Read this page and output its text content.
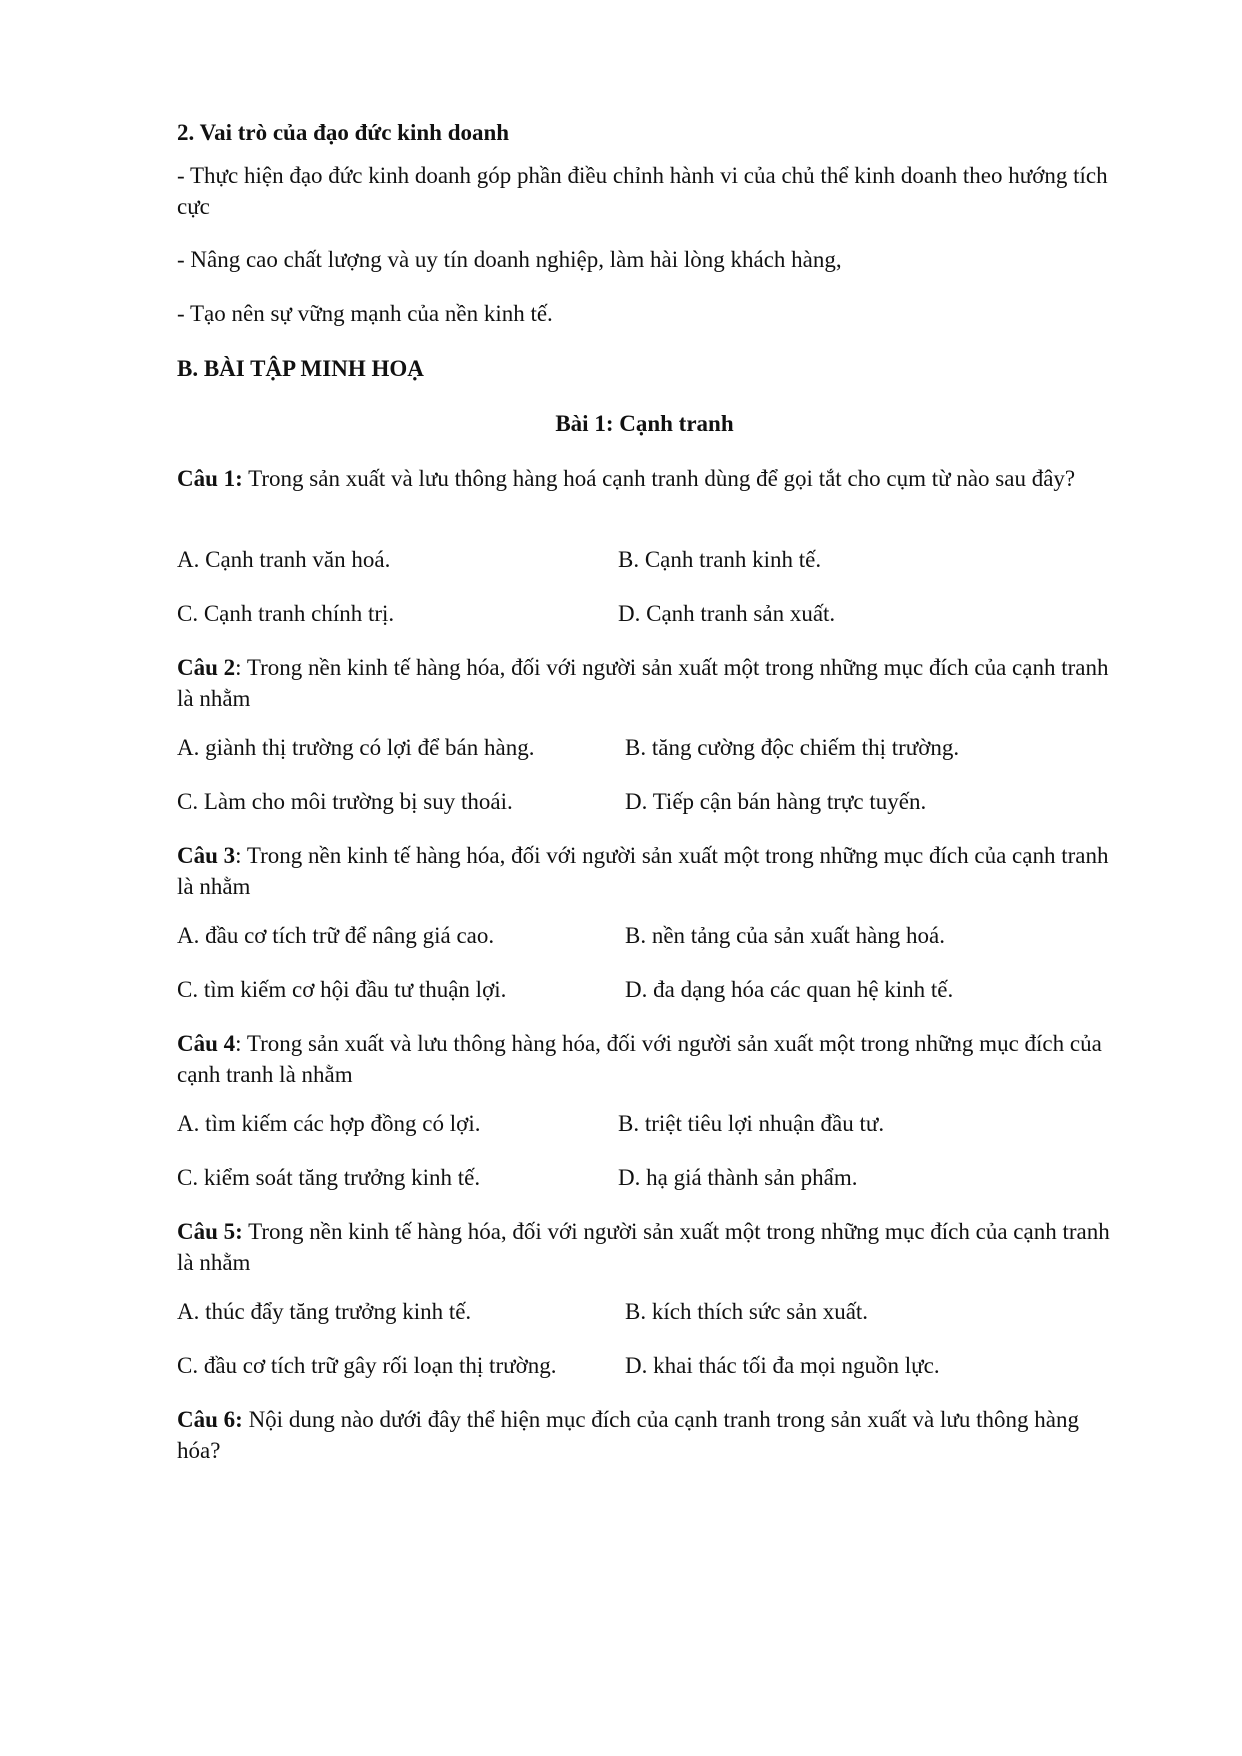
2. Vai trò của đạo đức kinh doanh

- Thực hiện đạo đức kinh doanh góp phần điều chỉnh hành vi của chủ thể kinh doanh theo hướng tích cực

- Nâng cao chất lượng và uy tín doanh nghiệp, làm hài lòng khách hàng,

- Tạo nên sự vững mạnh của nền kinh tế.

B. BÀI TẬP MINH HOẠ

Bài 1: Cạnh tranh

Câu 1: Trong sản xuất và lưu thông hàng hoá cạnh tranh dùng để gọi tắt cho cụm từ nào sau đây?

A. Cạnh tranh văn hoá.	B. Cạnh tranh kinh tế.

C. Cạnh tranh chính trị.	D. Cạnh tranh sản xuất.

Câu 2: Trong nền kinh tế hàng hóa, đối với người sản xuất một trong những mục đích của cạnh tranh là nhằm

A. giành thị trường có lợi để bán hàng.	B. tăng cường độc chiếm thị trường.

C. Làm cho môi trường bị suy thoái.	D. Tiếp cận bán hàng trực tuyến.

Câu 3: Trong nền kinh tế hàng hóa, đối với người sản xuất một trong những mục đích của cạnh tranh là nhằm

A. đầu cơ tích trữ để nâng giá cao.	B. nền tảng của sản xuất hàng hoá.

C. tìm kiếm cơ hội đầu tư thuận lợi.	D. đa dạng hóa các quan hệ kinh tế.

Câu 4: Trong sản xuất và lưu thông hàng hóa, đối với người sản xuất một trong những mục đích của cạnh tranh là nhằm

A. tìm kiếm các hợp đồng có lợi.	B. triệt tiêu lợi nhuận đầu tư.

C. kiểm soát tăng trưởng kinh tế.	D. hạ giá thành sản phẩm.

Câu 5: Trong nền kinh tế hàng hóa, đối với người sản xuất một trong những mục đích của cạnh tranh là nhằm

A. thúc đẩy tăng trưởng kinh tế.	B. kích thích sức sản xuất.

C. đầu cơ tích trữ gây rối loạn thị trường.	D. khai thác tối đa mọi nguồn lực.

Câu 6: Nội dung nào dưới đây thể hiện mục đích của cạnh tranh trong sản xuất và lưu thông hàng hóa?
